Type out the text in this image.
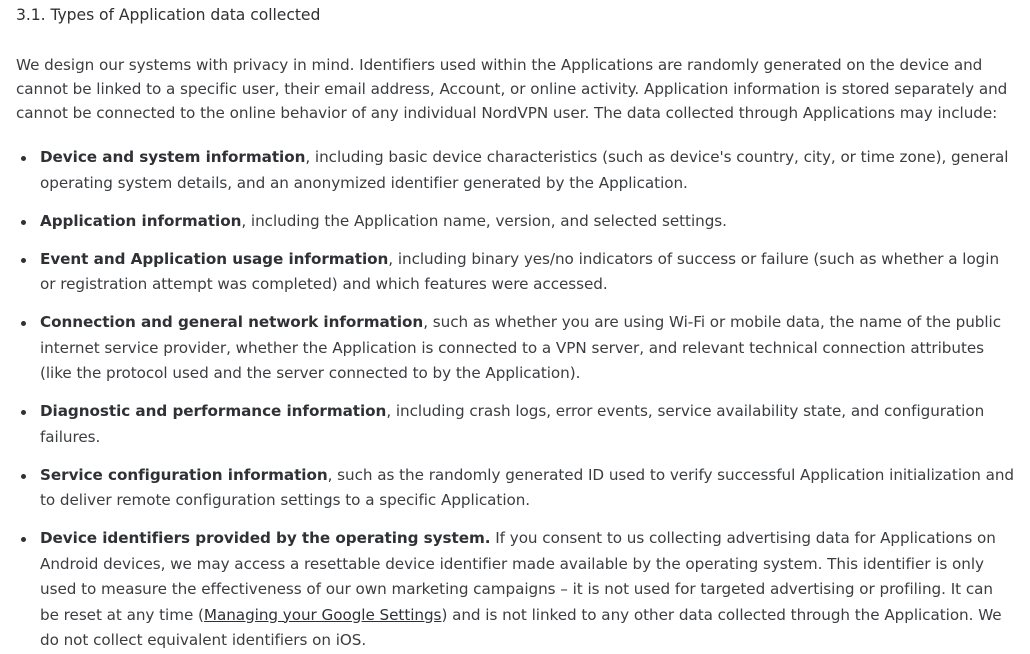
3.1. Types of Application data collected

We design our systems with privacy in mind. Identifiers used within the Applications are randomly generated on the device and cannot be linked to a specific user, their email address, Account, or online activity. Application information is stored separately and cannot be connected to the online behavior of any individual NordVPN user. The data collected through Applications may include:

Device and system information, including basic device characteristics (such as device's country, city, or time zone), general operating system details, and an anonymized identifier generated by the Application.
Application information, including the Application name, version, and selected settings.
Event and Application usage information, including binary yes/no indicators of success or failure (such as whether a login or registration attempt was completed) and which features were accessed.
Connection and general network information, such as whether you are using Wi-Fi or mobile data, the name of the public internet service provider, whether the Application is connected to a VPN server, and relevant technical connection attributes (like the protocol used and the server connected to by the Application).
Diagnostic and performance information, including crash logs, error events, service availability state, and configuration failures.
Service configuration information, such as the randomly generated ID used to verify successful Application initialization and to deliver remote configuration settings to a specific Application.
Device identifiers provided by the operating system. If you consent to us collecting advertising data for Applications on Android devices, we may access a resettable device identifier made available by the operating system. This identifier is only used to measure the effectiveness of our own marketing campaigns – it is not used for targeted advertising or profiling. It can be reset at any time (Managing your Google Settings) and is not linked to any other data collected through the Application. We do not collect equivalent identifiers on iOS.
